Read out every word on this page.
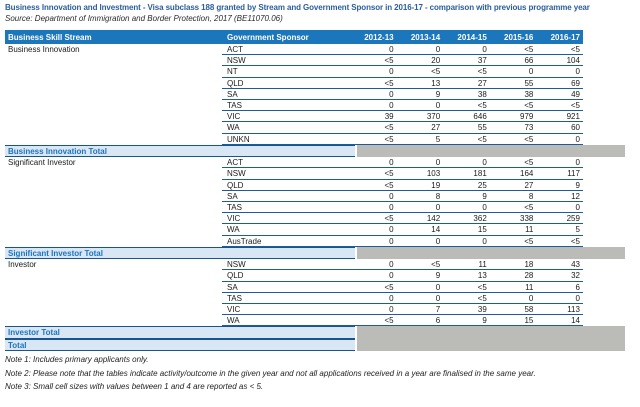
Business Innovation and Investment - Visa subclass 188 granted by Stream and Government Sponsor in 2016-17 - comparison with previous programme year
Source: Department of Immigration and Border Protection, 2017 (BE11070.06)
Business Skill Stream	Government Sponsor	2012-13	2013-14	2014-15	2015-16	2016-17
Business Innovation	ACT	0	0	0	<5	<5
NSW	<5	20	37	66	104
NT	0	<5	<5	0	0
QLD	<5	13	27	55	69
SA	0	9	38	38	49
TAS	0	0	<5	<5	<5
VIC	39	370	646	979	921
WA	<5	27	55	73	60
UNKN	<5	5	<5	<5	0
Business Innovation Total
Significant Investor	ACT	0	0	0	<5	0
NSW	<5	103	181	164	117
QLD	<5	19	25	27	9
SA	0	8	9	8	12
TAS	0	0	0	<5	0
VIC	<5	142	362	338	259
WA	0	14	15	11	5
AusTrade	0	0	0	<5	<5
Significant Investor Total
Investor	NSW	0	<5	11	18	43
QLD	0	9	13	28	32
SA	<5	0	<5	11	6
TAS	0	0	<5	0	0
VIC	0	7	39	58	113
WA	<5	6	9	15	14
Investor Total
Total
Note 1: Includes primary applicants only.
Note 2: Please note that the tables indicate activity/outcome in the given year and not all applications received in a year are finalised in the same year.
Note 3: Small cell sizes with values between 1 and 4 are reported as < 5.
